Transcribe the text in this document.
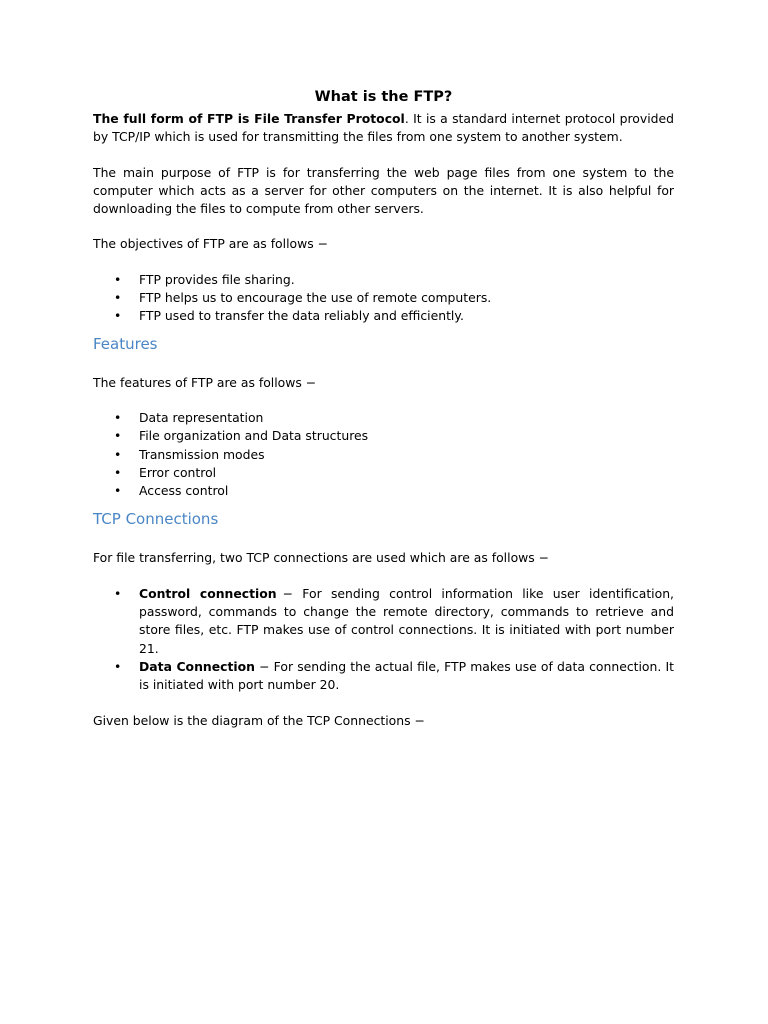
What is the FTP?

The full form of FTP is File Transfer Protocol. It is a standard internet protocol provided by TCP/IP which is used for transmitting the files from one system to another system.

The main purpose of FTP is for transferring the web page files from one system to the computer which acts as a server for other computers on the internet. It is also helpful for downloading the files to compute from other servers.

The objectives of FTP are as follows −

• FTP provides file sharing.
• FTP helps us to encourage the use of remote computers.
• FTP used to transfer the data reliably and efficiently.
Features

The features of FTP are as follows −

• Data representation
• File organization and Data structures
• Transmission modes
• Error control
• Access control
TCP Connections

For file transferring, two TCP connections are used which are as follows −

• Control connection − For sending control information like user identification, password, commands to change the remote directory, commands to retrieve and store files, etc. FTP makes use of control connections. It is initiated with port number 21.
• Data Connection − For sending the actual file, FTP makes use of data connection. It is initiated with port number 20.

Given below is the diagram of the TCP Connections −
